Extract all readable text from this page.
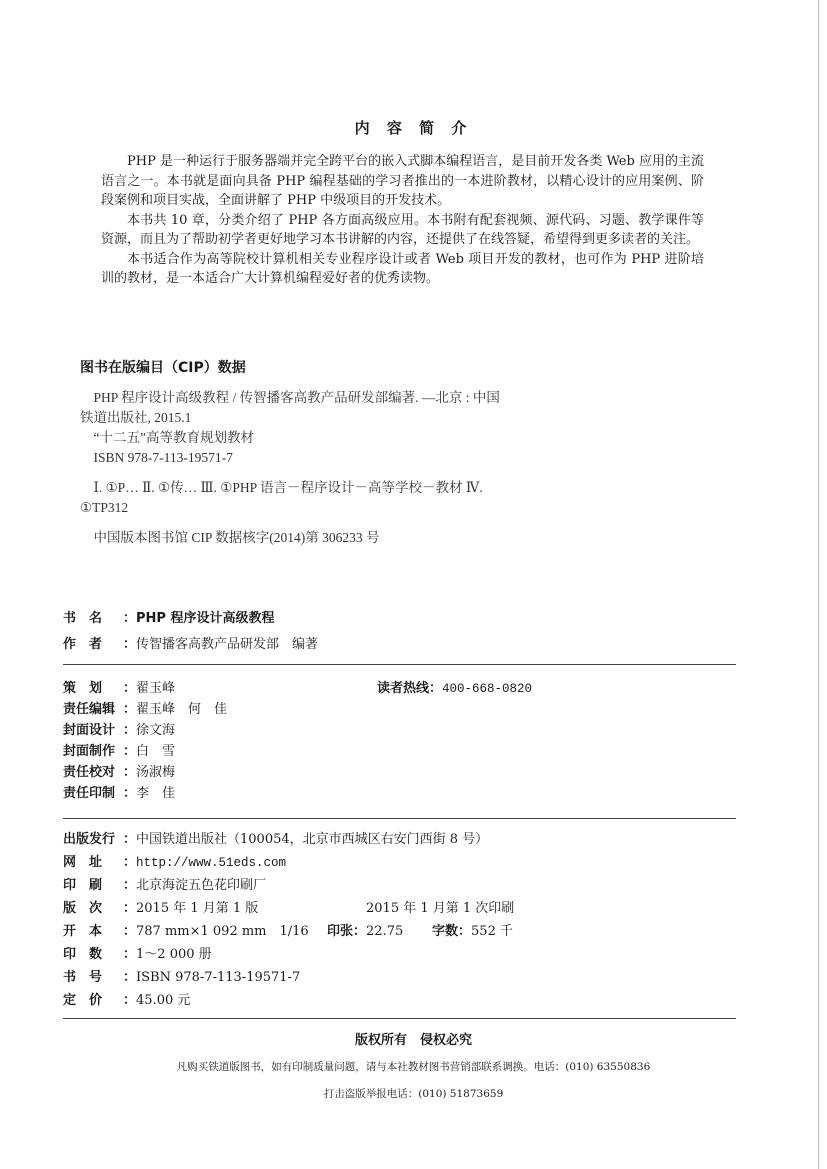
内 容 简 介

PHP 是一种运行于服务器端并完全跨平台的嵌入式脚本编程语言，是目前开发各类 Web 应用的主流语言之一。本书就是面向具备 PHP 编程基础的学习者推出的一本进阶教材，以精心设计的应用案例、阶段案例和项目实战，全面讲解了 PHP 中级项目的开发技术。

本书共 10 章，分类介绍了 PHP 各方面高级应用。本书附有配套视频、源代码、习题、教学课件等资源，而且为了帮助初学者更好地学习本书讲解的内容，还提供了在线答疑，希望得到更多读者的关注。

本书适合作为高等院校计算机相关专业程序设计或者 Web 项目开发的教材，也可作为 PHP 进阶培训的教材，是一本适合广大计算机编程爱好者的优秀读物。

图书在版编目（CIP）数据

PHP 程序设计高级教程 / 传智播客高教产品研发部编著. —北京 : 中国铁道出版社, 2015.1

“十二五”高等教育规划教材

ISBN 978-7-113-19571-7

Ⅰ. ①P… Ⅱ. ①传… Ⅲ. ①PHP 语言－程序设计－高等学校－教材 Ⅳ. ①TP312

中国版本图书馆 CIP 数据核字(2014)第 306233 号

书　名 ：PHP 程序设计高级教程
作　者 ：传智播客高教产品研发部　编著
策　划 ：翟玉峰
责任编辑 ：翟玉峰　何　佳
封面设计 ：徐文海
封面制作 ：白　雪
责任校对 ：汤淑梅
责任印制 ：李　佳
读者热线：400-668-0820
出版发行 ：中国铁道出版社（100054，北京市西城区右安门西街 8 号）
网　址 ：http://www.51eds.com
印　刷 ：北京海淀五色花印刷厂
版　次 ：2015 年 1 月第 1 版
开　本 ：787 mm×1 092 mm　1/16
印　数 ：1～2 000 册
书　号 ：ISBN 978-7-113-19571-7
定　价 ：45.00 元
2015 年 1 月第 1 次印刷
印张：22.75 字数：552 千
版权所有　侵权必究
凡购买铁道版图书，如有印制质量问题，请与本社教材图书营销部联系调换。电话：(010) 63550836
打击盗版举报电话：(010) 51873659
